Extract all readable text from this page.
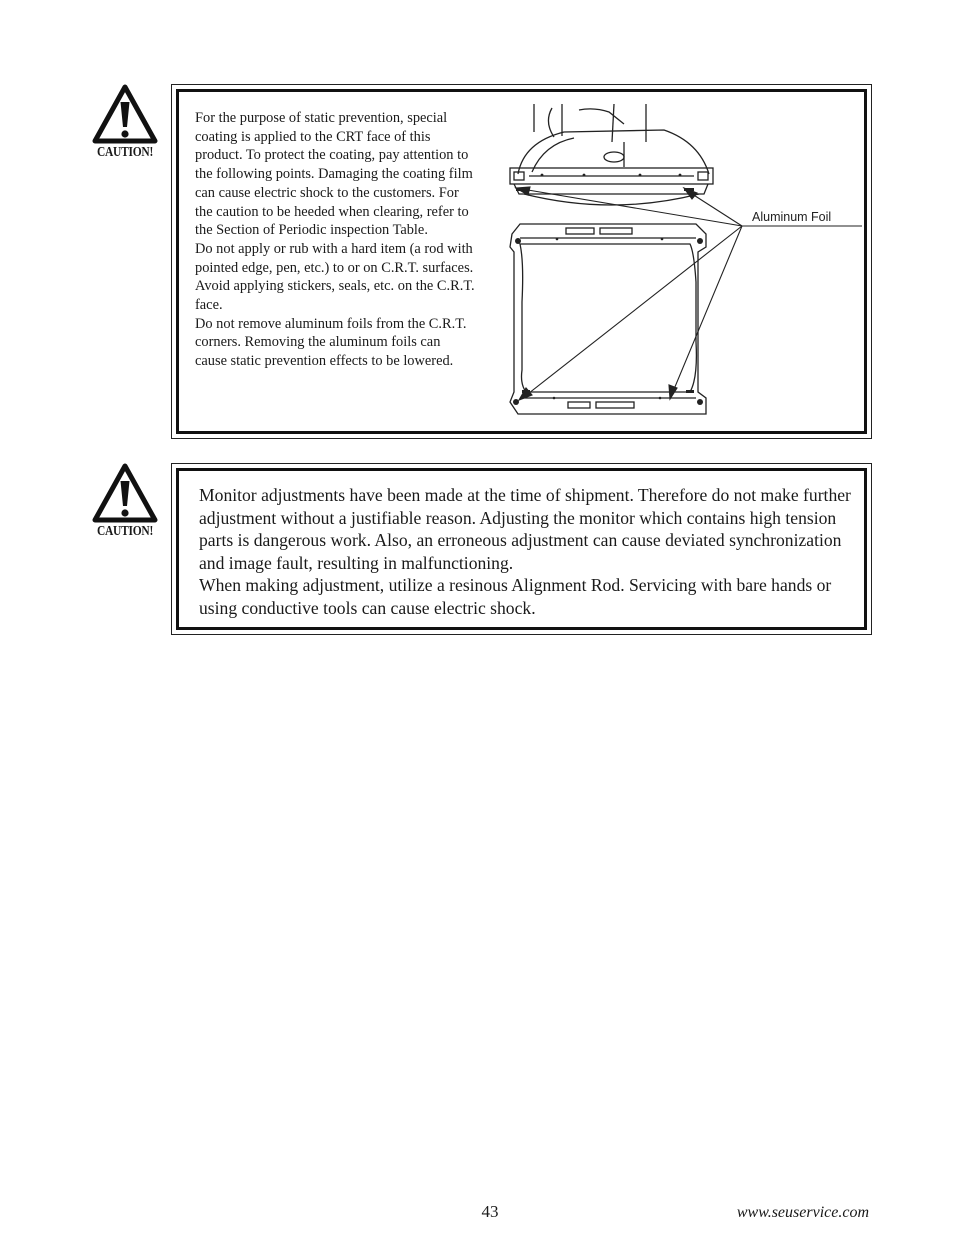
CAUTION!

For the purpose of static prevention, special coating is applied to the CRT face of this product. To protect the coating, pay attention to the following points. Damaging the coating film can cause electric shock to the customers. For the caution to be heeded when clearing, refer to the Section of Periodic inspection Table.

Do not apply or rub with a hard item (a rod with pointed edge, pen, etc.) to or on C.R.T. surfaces.

Avoid applying stickers, seals, etc. on the C.R.T. face.

Do not remove aluminum foils from the C.R.T. corners. Removing the aluminum foils can cause static prevention effects to be lowered.

Aluminum Foil
CAUTION!

Monitor adjustments have been made at the time of shipment. Therefore do not make further adjustment without a justifiable reason. Adjusting the monitor which contains high tension parts is dangerous work. Also, an erroneous adjustment can cause deviated synchronization and image fault, resulting in malfunctioning.

When making adjustment, utilize a resinous Alignment Rod. Servicing with bare hands or using conductive tools can cause electric shock.

43	www.seuservice.com
